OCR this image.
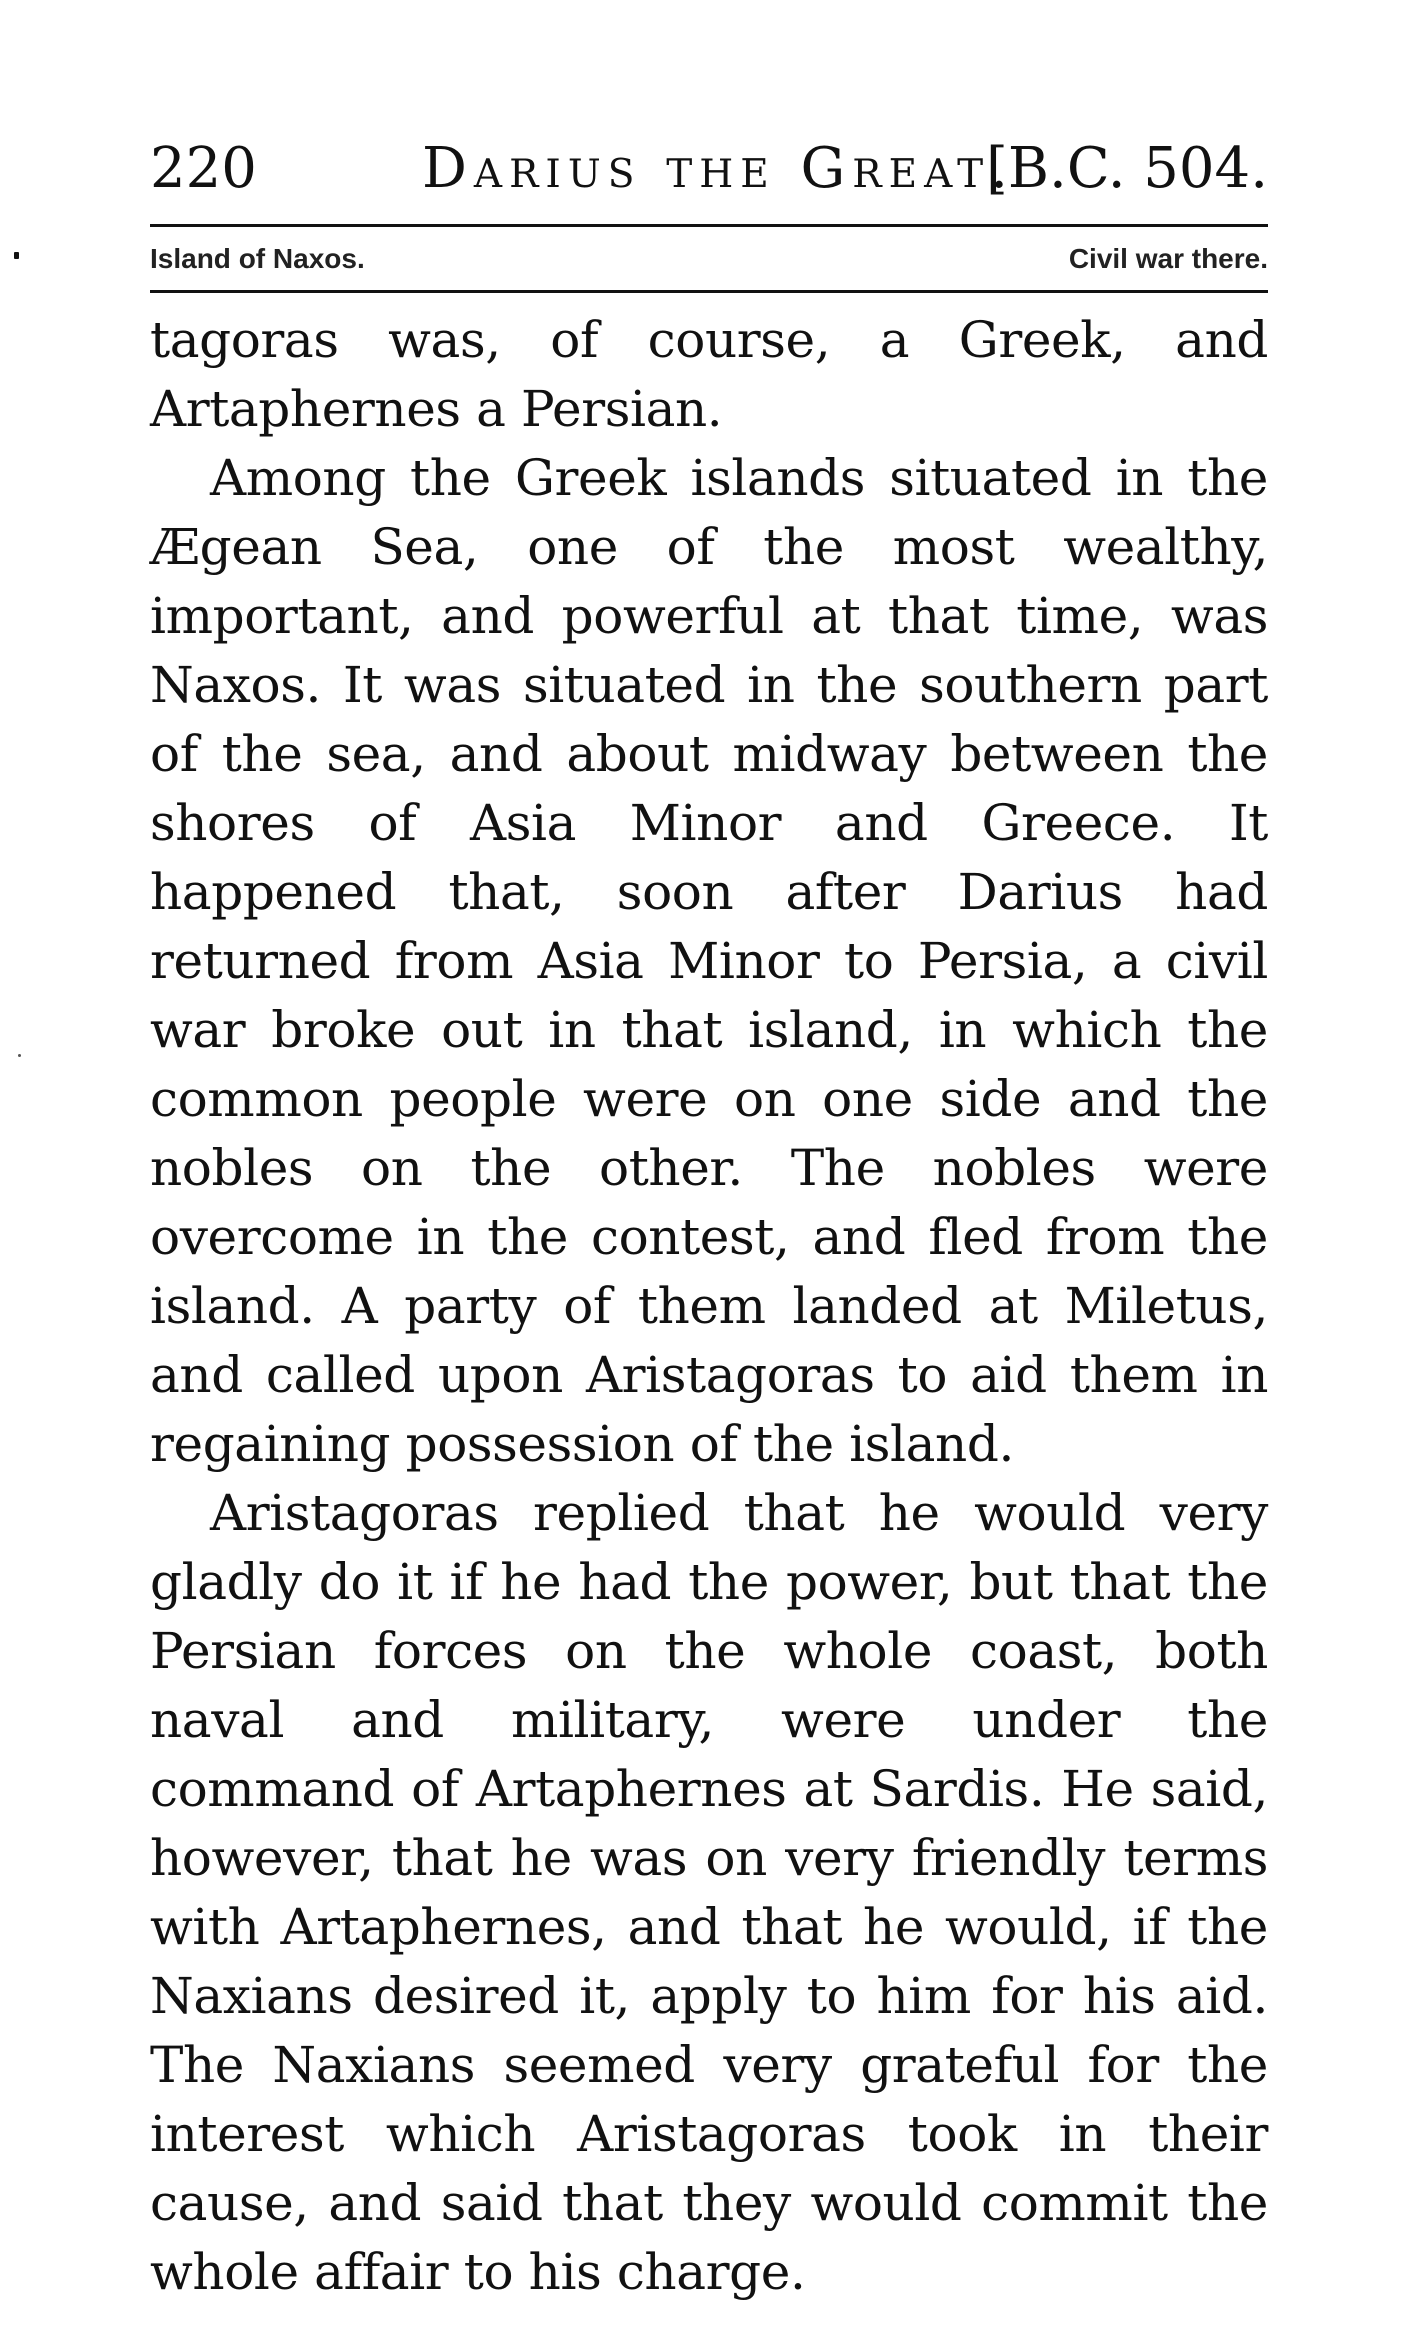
220	Darius the Great.
[B.C. 504.
Island of Naxos.	Civil war there.

tagoras was, of course, a Greek, and Artaphernes a Persian.

Among the Greek islands situated in the Ægean Sea, one of the most wealthy, important, and powerful at that time, was Naxos. It was situated in the southern part of the sea, and about midway between the shores of Asia Minor and Greece. It happened that, soon after Darius had returned from Asia Minor to Persia, a civil war broke out in that island, in which the common people were on one side and the nobles on the other. The nobles were overcome in the contest, and fled from the island. A party of them landed at Miletus, and called upon Aristagoras to aid them in regaining possession of the island.

Aristagoras replied that he would very gladly do it if he had the power, but that the Persian forces on the whole coast, both naval and military, were under the command of Artaphernes at Sardis. He said, however, that he was on very friendly terms with Artaphernes, and that he would, if the Naxians desired it, apply to him for his aid. The Naxians seemed very grateful for the interest which Aristagoras took in their cause, and said that they would commit the whole affair to his charge.
